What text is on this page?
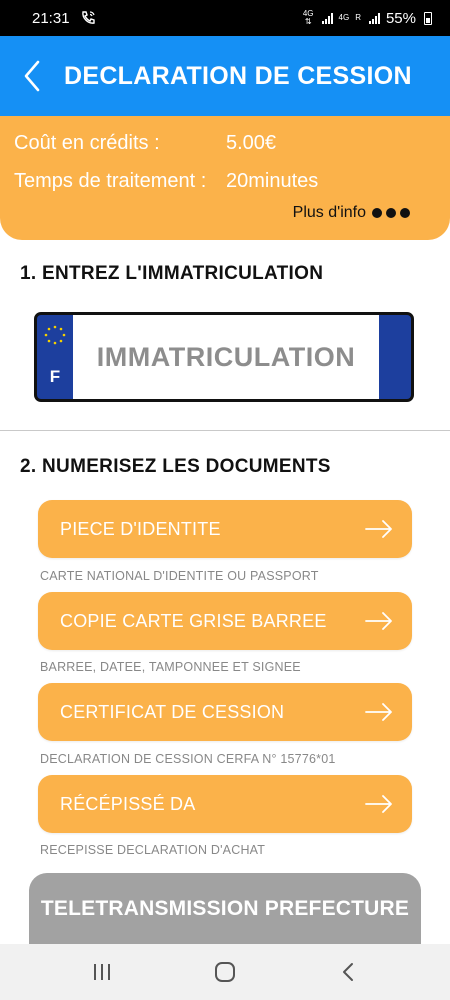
21:31	4G
⇅	4G R 55%
DECLARATION DE CESSION
Coût en crédits :	5.00€
Temps de traitement : 20minutes
Plus d'info
1. ENTREZ L'IMMATRICULATION
F
IMMATRICULATION
2. NUMERISEZ LES DOCUMENTS
PIECE D'IDENTITE
CARTE NATIONAL D'IDENTITE OU PASSPORT
COPIE CARTE GRISE BARREE
BARREE, DATEE, TAMPONNEE ET SIGNEE
CERTIFICAT DE CESSION
DECLARATION DE CESSION CERFA N° 15776*01
RÉCÉPISSÉ DA
RECEPISSE DECLARATION D'ACHAT
TELETRANSMISSION PREFECTURE
